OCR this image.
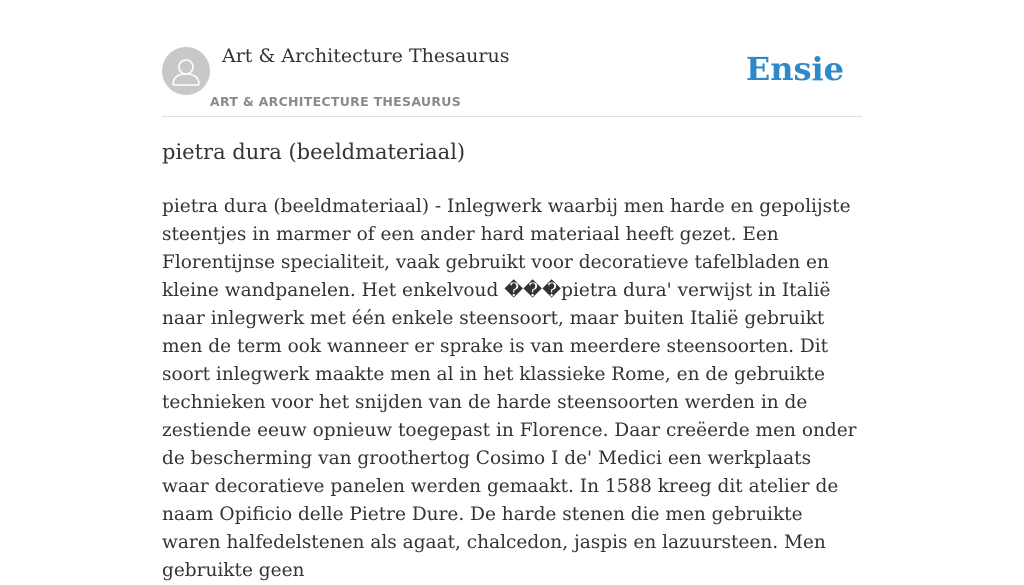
Art & Architecture Thesaurus
ART & ARCHITECTURE THESAURUS
Ensie
pietra dura (beeldmateriaal)

pietra dura (beeldmateriaal) - Inlegwerk waarbij men harde en gepolijste steentjes in marmer of een ander hard materiaal heeft gezet. Een Florentijnse specialiteit, vaak gebruikt voor decoratieve tafelbladen en kleine wandpanelen. Het enkelvoud ���pietra dura' verwijst in Italië naar inlegwerk met één enkele steensoort, maar buiten Italië gebruikt men de term ook wanneer er sprake is van meerdere steensoorten. Dit soort inlegwerk maakte men al in het klassieke Rome, en de gebruikte technieken voor het snijden van de harde steensoorten werden in de zestiende eeuw opnieuw toegepast in Florence. Daar creëerde men onder de bescherming van groothertog Cosimo I de' Medici een werkplaats waar decoratieve panelen werden gemaakt. In 1588 kreeg dit atelier de naam Opificio delle Pietre Dure. De harde stenen die men gebruikte waren halfedelstenen als agaat, chalcedon, jaspis en lazuursteen. Men gebruikte geen
